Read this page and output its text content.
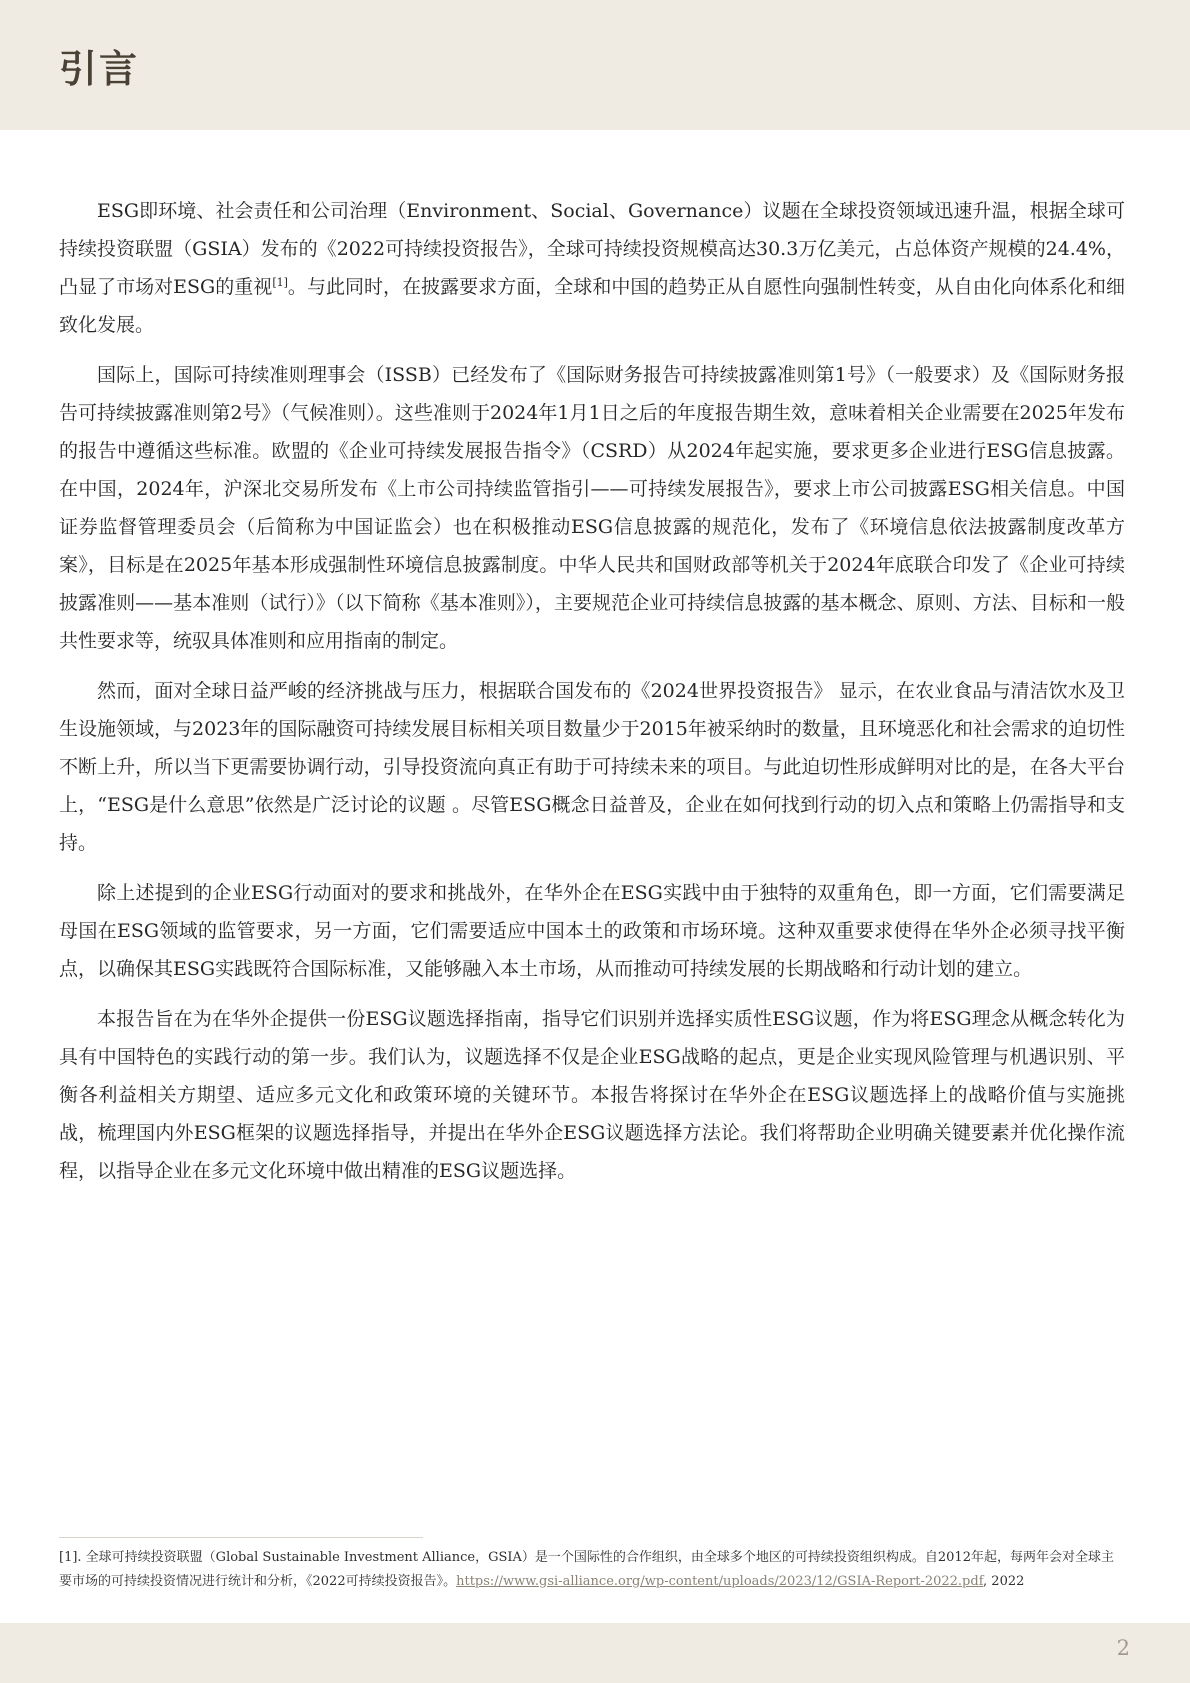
引言

ESG即环境、社会责任和公司治理（Environment、Social、Governance）议题在全球投资领域迅速升温，根据全球可持续投资联盟（GSIA）发布的《2022可持续投资报告》，全球可持续投资规模高达30.3万亿美元，占总体资产规模的24.4%，凸显了市场对ESG的重视[1]。与此同时，在披露要求方面，全球和中国的趋势正从自愿性向强制性转变，从自由化向体系化和细致化发展。

国际上，国际可持续准则理事会（ISSB）已经发布了《国际财务报告可持续披露准则第1号》（一般要求）及《国际财务报告可持续披露准则第2号》（气候准则）。这些准则于2024年1月1日之后的年度报告期生效，意味着相关企业需要在2025年发布的报告中遵循这些标准。欧盟的《企业可持续发展报告指令》（CSRD）从2024年起实施，要求更多企业进行ESG信息披露。在中国，2024年，沪深北交易所发布《上市公司持续监管指引——可持续发展报告》，要求上市公司披露ESG相关信息。中国证券监督管理委员会（后简称为中国证监会）也在积极推动ESG信息披露的规范化，发布了《环境信息依法披露制度改革方案》，目标是在2025年基本形成强制性环境信息披露制度。中华人民共和国财政部等机关于2024年底联合印发了《企业可持续披露准则——基本准则（试行）》（以下简称《基本准则》），主要规范企业可持续信息披露的基本概念、原则、方法、目标和一般共性要求等，统驭具体准则和应用指南的制定。

然而，面对全球日益严峻的经济挑战与压力，根据联合国发布的《2024世界投资报告》 显示，在农业食品与清洁饮水及卫生设施领域，与2023年的国际融资可持续发展目标相关项目数量少于2015年被采纳时的数量，且环境恶化和社会需求的迫切性不断上升，所以当下更需要协调行动，引导投资流向真正有助于可持续未来的项目。与此迫切性形成鲜明对比的是，在各大平台上，“ESG是什么意思”依然是广泛讨论的议题 。尽管ESG概念日益普及，企业在如何找到行动的切入点和策略上仍需指导和支持。

除上述提到的企业ESG行动面对的要求和挑战外，在华外企在ESG实践中由于独特的双重角色，即一方面，它们需要满足母国在ESG领域的监管要求，另一方面，它们需要适应中国本土的政策和市场环境。这种双重要求使得在华外企必须寻找平衡点，以确保其ESG实践既符合国际标准，又能够融入本土市场，从而推动可持续发展的长期战略和行动计划的建立。

本报告旨在为在华外企提供一份ESG议题选择指南，指导它们识别并选择实质性ESG议题，作为将ESG理念从概念转化为具有中国特色的实践行动的第一步。我们认为，议题选择不仅是企业ESG战略的起点，更是企业实现风险管理与机遇识别、平衡各利益相关方期望、适应多元文化和政策环境的关键环节。本报告将探讨在华外企在ESG议题选择上的战略价值与实施挑战，梳理国内外ESG框架的议题选择指导，并提出在华外企ESG议题选择方法论。我们将帮助企业明确关键要素并优化操作流程，以指导企业在多元文化环境中做出精准的ESG议题选择。

[1]. 全球可持续投资联盟（Global Sustainable Investment Alliance，GSIA）是一个国际性的合作组织，由全球多个地区的可持续投资组织构成。自2012年起，每两年会对全球主要市场的可持续投资情况进行统计和分析，《2022可持续投资报告》。https://www.gsi-alliance.org/wp-content/uploads/2023/12/GSIA-Report-2022.pdf, 2022

2
